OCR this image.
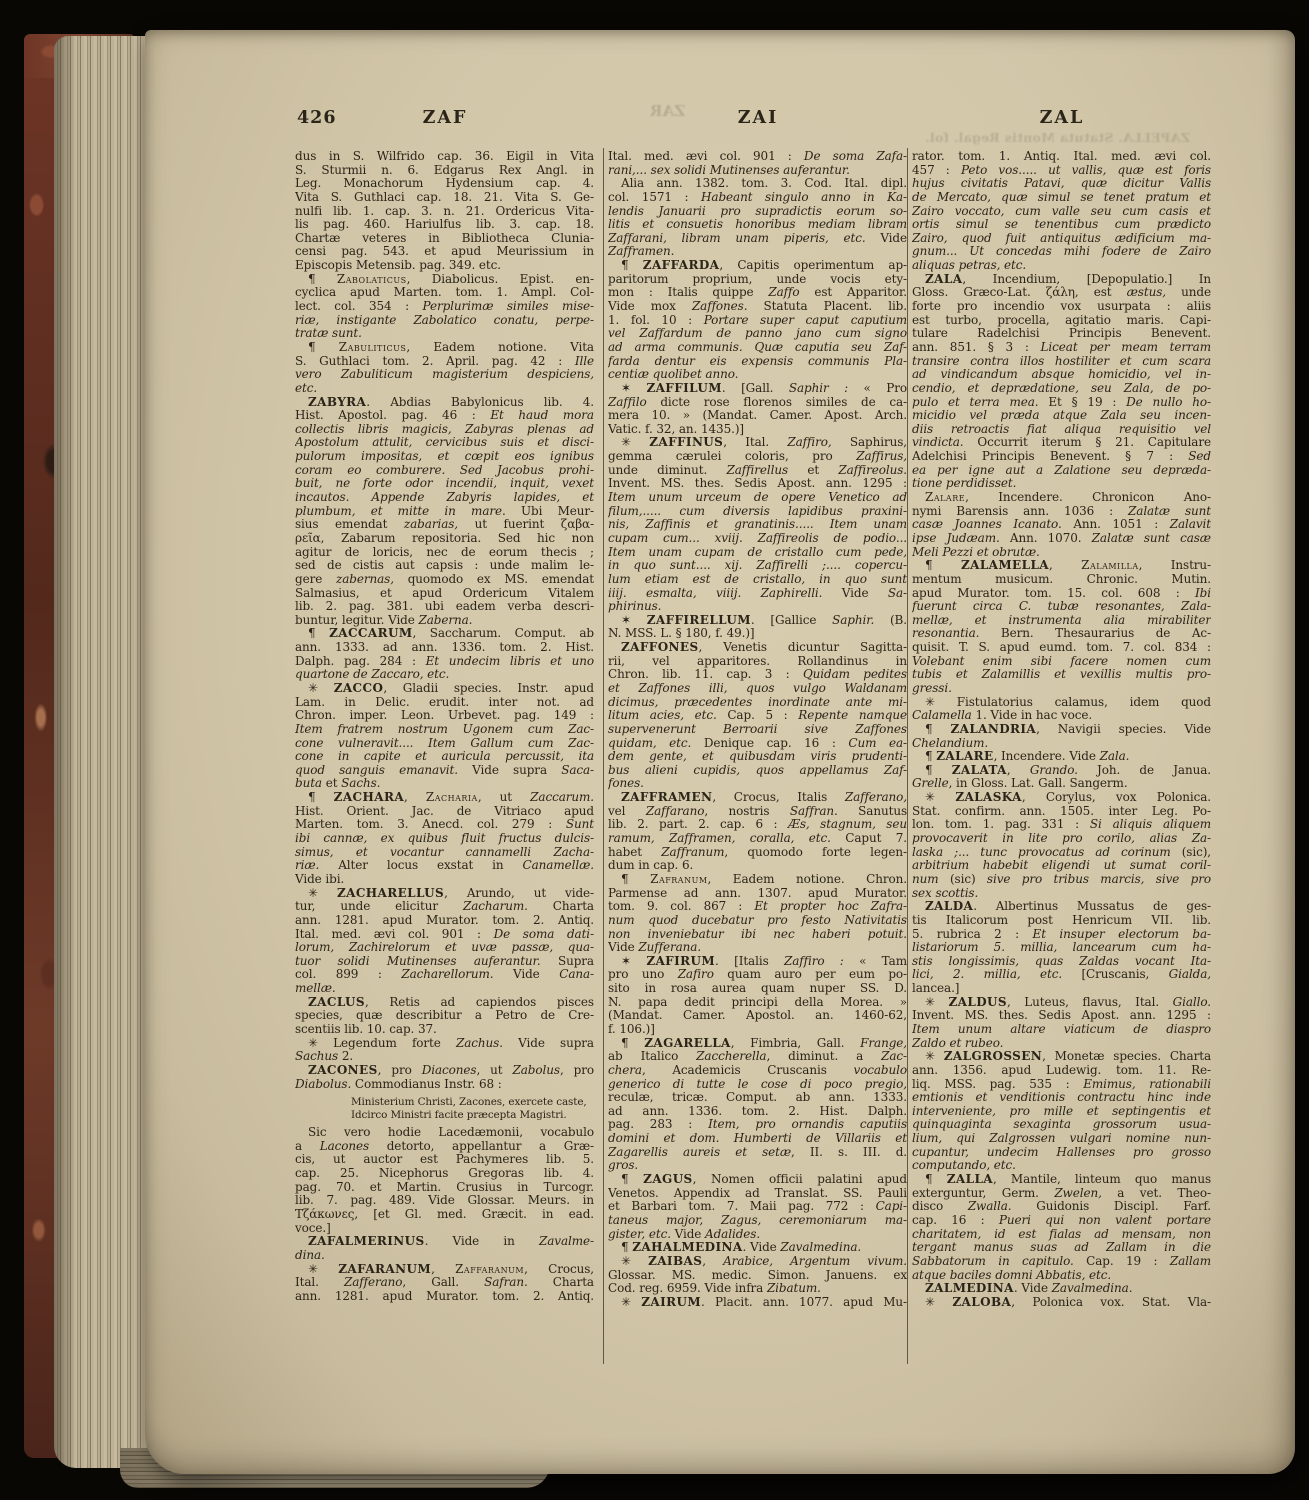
ZAR
ZAPELLA. Statuta Montis Regal. fol.
426	ZAF	ZAI	ZAL
dus in S. Wilfrido cap. 36. Eigil in Vita
S. Sturmii n. 6. Edgarus Rex Angl. in
Leg. Monachorum Hydensium cap. 4.
Vita S. Guthlaci cap. 18. 21. Vita S. Ge-
nulfi lib. 1. cap. 3. n. 21. Ordericus Vita-
lis pag. 460. Hariulfus lib. 3. cap. 18.
Chartæ veteres in Bibliotheca Clunia-
censi pag. 543. et apud Meurissium in
Episcopis Metensib. pag. 349. etc.
¶ Zabolaticus, Diabolicus. Epist. en-
cyclica apud Marten. tom. 1. Ampl. Col-
lect. col. 354 : Perplurimæ similes mise-
riæ, instigante Zabolatico conatu, perpe-
tratæ sunt.
¶ Zabuliticus, Eadem notione. Vita
S. Guthlaci tom. 2. April. pag. 42 : Ille
vero Zabuliticum magisterium despiciens,
etc.
ZABYRA. Abdias Babylonicus lib. 4.
Hist. Apostol. pag. 46 : Et haud mora
collectis libris magicis, Zabyras plenas ad
Apostolum attulit, cervicibus suis et disci-
pulorum impositas, et cœpit eos ignibus
coram eo comburere. Sed Jacobus prohi-
buit, ne forte odor incendii, inquit, vexet
incautos. Appende Zabyris lapides, et
plumbum, et mitte in mare. Ubi Meur-
sius emendat zabarias, ut fuerint ζαβα-
ρεῖα, Zabarum repositoria. Sed hic non
agitur de loricis, nec de eorum thecis ;
sed de cistis aut capsis : unde malim le-
gere zabernas, quomodo ex MS. emendat
Salmasius, et apud Ordericum Vitalem
lib. 2. pag. 381. ubi eadem verba descri-
buntur, legitur. Vide Zaberna.
¶ ZACCARUM, Saccharum. Comput. ab
ann. 1333. ad ann. 1336. tom. 2. Hist.
Dalph. pag. 284 : Et undecim libris et uno
quartone de Zaccaro, etc.
✳ ZACCO, Gladii species. Instr. apud
Lam. in Delic. erudit. inter not. ad
Chron. imper. Leon. Urbevet. pag. 149 :
Item fratrem nostrum Ugonem cum Zac-
cone vulneravit.... Item Gallum cum Zac-
cone in capite et auricula percussit, ita
quod sanguis emanavit. Vide supra Saca-
buta et Sachs.
¶ ZACHARA, Zacharia, ut Zaccarum.
Hist. Orient. Jac. de Vitriaco apud
Marten. tom. 3. Anecd. col. 279 : Sunt
ibi cannæ, ex quibus fluit fructus dulcis-
simus, et vocantur cannamelli Zacha-
riæ. Alter locus exstat in Canamellæ.
Vide ibi.
✳ ZACHARELLUS, Arundo, ut vide-
tur, unde elicitur Zacharum. Charta
ann. 1281. apud Murator. tom. 2. Antiq.
Ital. med. ævi col. 901 : De soma dati-
lorum, Zachirelorum et uvæ passæ, qua-
tuor solidi Mutinenses auferantur. Supra
col. 899 : Zacharellorum. Vide Cana-
mellæ.
ZACLUS, Retis ad capiendos pisces
species, quæ describitur a Petro de Cre-
scentiis lib. 10. cap. 37.
✳ Legendum forte Zachus. Vide supra
Sachus 2.
ZACONES, pro Diacones, ut Zabolus, pro
Diabolus. Commodianus Instr. 68 :
Ministerium Christi, Zacones, exercete caste,
Idcirco Ministri facite præcepta Magistri.
Sic vero hodie Lacedæmonii, vocabulo
a Lacones detorto, appellantur a Græ-
cis, ut auctor est Pachymeres lib. 5.
cap. 25. Nicephorus Gregoras lib. 4.
pag. 70. et Martin. Crusius in Turcogr.
lib. 7. pag. 489. Vide Glossar. Meurs. in
Τζάκωνες, [et Gl. med. Græcit. in ead.
voce.]
ZAFALMERINUS. Vide in Zavalme-
dina.
✳ ZAFARANUM, Zaffaranum, Crocus,
Ital. Zafferano, Gall. Safran. Charta
ann. 1281. apud Murator. tom. 2. Antiq.
Ital. med. ævi col. 901 : De soma Zafa-
rani,... sex solidi Mutinenses auferantur.
Alia ann. 1382. tom. 3. Cod. Ital. dipl.
col. 1571 : Habeant singulo anno in Ka-
lendis Januarii pro supradictis eorum so-
litis et consuetis honoribus mediam libram
Zaffarani, libram unam piperis, etc. Vide
Zafframen.
¶ ZAFFARDA, Capitis operimentum ap-
paritorum proprium, unde vocis ety-
mon : Italis quippe Zaffo est Apparitor.
Vide mox Zaffones. Statuta Placent. lib.
1. fol. 10 : Portare super caput caputium
vel Zaffardum de panno jano cum signo
ad arma communis. Quæ caputia seu Zaf-
farda dentur eis expensis communis Pla-
centiæ quolibet anno.
✶ ZAFFILUM. [Gall. Saphir : « Pro
Zaffilo dicte rose florenos similes de ca-
mera 10. » (Mandat. Camer. Apost. Arch.
Vatic. f. 32, an. 1435.)]
✳ ZAFFINUS, Ital. Zaffiro, Saphirus,
gemma cærulei coloris, pro Zaffirus,
unde diminut. Zaffirellus et Zaffireolus.
Invent. MS. thes. Sedis Apost. ann. 1295 :
Item unum urceum de opere Venetico ad
filum,..... cum diversis lapidibus praxini-
nis, Zaffinis et granatinis..... Item unam
cupam cum... xviij. Zaffireolis de podio...
Item unam cupam de cristallo cum pede,
in quo sunt.... xij. Zaffirelli ;.... copercu-
lum etiam est de cristallo, in quo sunt
iiij. esmalta, viiij. Zaphirelli. Vide Sa-
phirinus.
✶ ZAFFIRELLUM. [Gallice Saphir. (B.
N. MSS. L. § 180, f. 49.)]
ZAFFONES, Venetis dicuntur Sagitta-
rii, vel apparitores. Rollandinus in
Chron. lib. 11. cap. 3 : Quidam pedites
et Zaffones illi, quos vulgo Waldanam
dicimus, præcedentes inordinate ante mi-
litum acies, etc. Cap. 5 : Repente namque
supervenerunt Berroarii sive Zaffones
quidam, etc. Denique cap. 16 : Cum ea-
dem gente, et quibusdam viris prudenti-
bus alieni cupidis, quos appellamus Zaf-
fones.
ZAFFRAMEN, Crocus, Italis Zafferano,
vel Zaffarano, nostris Saffran. Sanutus
lib. 2. part. 2. cap. 6 : Æs, stagnum, seu
ramum, Zafframen, coralla, etc. Caput 7.
habet Zaffranum, quomodo forte legen-
dum in cap. 6.
¶ Zafranum, Eadem notione. Chron.
Parmense ad ann. 1307. apud Murator.
tom. 9. col. 867 : Et propter hoc Zafra-
num quod ducebatur pro festo Nativitatis
non inveniebatur ibi nec haberi potuit.
Vide Zufferana.
✶ ZAFIRUM. [Italis Zaffiro : « Tam
pro uno Zafiro quam auro per eum po-
sito in rosa aurea quam nuper SS. D.
N. papa dedit principi della Morea. »
(Mandat. Camer. Apostol. an. 1460-62,
f. 106.)]
¶ ZAGARELLA, Fimbria, Gall. Frange,
ab Italico Zaccherella, diminut. a Zac-
chera, Academicis Cruscanis vocabulo
generico di tutte le cose di poco pregio,
reculæ, tricæ. Comput. ab ann. 1333.
ad ann. 1336. tom. 2. Hist. Dalph.
pag. 283 : Item, pro ornandis caputiis
domini et dom. Humberti de Villariis et
Zagarellis aureis et setæ, II. s. III. d.
gros.
¶ ZAGUS, Nomen officii palatini apud
Venetos. Appendix ad Translat. SS. Pauli
et Barbari tom. 7. Maii pag. 772 : Capi-
taneus major, Zagus, ceremoniarum ma-
gister, etc. Vide Adalides.
¶ ZAHALMEDINA. Vide Zavalmedina.
✳ ZAIBAS, Arabice, Argentum vivum.
Glossar. MS. medic. Simon. Januens. ex
Cod. reg. 6959. Vide infra Zibatum.
✳ ZAIRUM. Placit. ann. 1077. apud Mu-
rator. tom. 1. Antiq. Ital. med. ævi col.
457 : Peto vos..... ut vallis, quæ est foris
hujus civitatis Patavi, quæ dicitur Vallis
de Mercato, quæ simul se tenet pratum et
Zairo voccato, cum valle seu cum casis et
ortis simul se tenentibus cum prædicto
Zairo, quod fuit antiquitus ædificium ma-
gnum... Ut concedas mihi fodere de Zairo
aliquas petras, etc.
ZALA, Incendium, [Depopulatio.] In
Gloss. Græco-Lat. ζάλη, est æstus, unde
forte pro incendio vox usurpata : aliis
est turbo, procella, agitatio maris. Capi-
tulare Radelchisi Principis Benevent.
ann. 851. § 3 : Liceat per meam terram
transire contra illos hostiliter et cum scara
ad vindicandum absque homicidio, vel in-
cendio, et deprædatione, seu Zala, de po-
pulo et terra mea. Et § 19 : De nullo ho-
micidio vel præda atque Zala seu incen-
diis retroactis fiat aliqua requisitio vel
vindicta. Occurrit iterum § 21. Capitulare
Adelchisi Principis Benevent. § 7 : Sed
ea per igne aut a Zalatione seu depræda-
tione perdidisset.
Zalare, Incendere. Chronicon Ano-
nymi Barensis ann. 1036 : Zalatæ sunt
casæ Joannes Icanato. Ann. 1051 : Zalavit
ipse Judæam. Ann. 1070. Zalatæ sunt casæ
Meli Pezzi et obrutæ.
¶ ZALAMELLA, Zalamilla, Instru-
mentum musicum. Chronic. Mutin.
apud Murator. tom. 15. col. 608 : Ibi
fuerunt circa C. tubæ resonantes, Zala-
mellæ, et instrumenta alia mirabiliter
resonantia. Bern. Thesaurarius de Ac-
quisit. T. S. apud eumd. tom. 7. col. 834 :
Volebant enim sibi facere nomen cum
tubis et Zalamillis et vexillis multis pro-
gressi.
✳ Fistulatorius calamus, idem quod
Calamella 1. Vide in hac voce.
¶ ZALANDRIA, Navigii species. Vide
Chelandium.
¶ ZALARE, Incendere. Vide Zala.
¶ ZALATA, Grando. Joh. de Janua.
Grelle, in Gloss. Lat. Gall. Sangerm.
✳ ZALASKA, Corylus, vox Polonica.
Stat. confirm. ann. 1505. inter Leg. Po-
lon. tom. 1. pag. 331 : Si aliquis aliquem
provocaverit in lite pro corilo, alias Za-
laska ;... tunc provocatus ad corinum (sic),
arbitrium habebit eligendi ut sumat coril-
num (sic) sive pro tribus marcis, sive pro
sex scottis.
ZALDA. Albertinus Mussatus de ges-
tis Italicorum post Henricum VII. lib.
5. rubrica 2 : Et insuper electorum ba-
listariorum 5. millia, lancearum cum ha-
stis longissimis, quas Zaldas vocant Ita-
lici, 2. millia, etc. [Cruscanis, Gialda,
lancea.]
✳ ZALDUS, Luteus, flavus, Ital. Giallo.
Invent. MS. thes. Sedis Apost. ann. 1295 :
Item unum altare viaticum de diaspro
Zaldo et rubeo.
✳ ZALGROSSEN, Monetæ species. Charta
ann. 1356. apud Ludewig. tom. 11. Re-
liq. MSS. pag. 535 : Emimus, rationabili
emtionis et venditionis contractu hinc inde
interveniente, pro mille et septingentis et
quinquaginta sexaginta grossorum usua-
lium, qui Zalgrossen vulgari nomine nun-
cupantur, undecim Hallenses pro grosso
computando, etc.
¶ ZALLA, Mantile, linteum quo manus
exterguntur, Germ. Zwelen, a vet. Theo-
disco Zwalla. Guidonis Discipl. Farf.
cap. 16 : Pueri qui non valent portare
charitatem, id est fialas ad mensam, non
tergant manus suas ad Zallam in die
Sabbatorum in capitulo. Cap. 19 : Zallam
atque baciles domni Abbatis, etc.
ZALMEDINA. Vide Zavalmedina.
✳ ZALOBA, Polonica vox. Stat. Vla-
